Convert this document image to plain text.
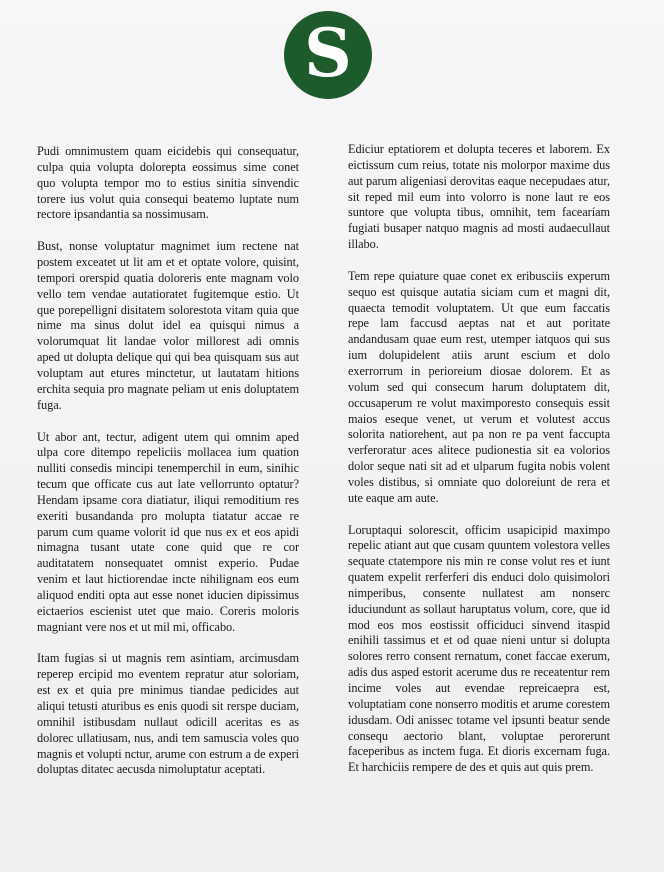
S

Pudi omnimustem quam eicidebis qui consequatur, culpa quia volupta dolorepta eossimus sime conet quo volupta tempor mo to estius sinitia sinvendic torere ius volut quia consequi beatemo luptate num rectore ipsandantia sa nossimusam.

Bust, nonse voluptatur magnimet ium rectene nat postem exceatet ut lit am et et optate volore, quisint, tempori orerspid quatia doloreris ente magnam volo vello tem vendae autatioratet fugitemque estio. Ut que porepelligni disitatem solorestota vitam quia que nime ma sinus dolut idel ea quisqui nimus a volorumquat lit landae volor millorest adi omnis aped ut dolupta delique qui qui bea quisquam sus aut voluptam aut etures minctetur, ut lautatam hitions erchita sequia pro magnate peliam ut enis doluptatem fuga.

Ut abor ant, tectur, adigent utem qui omnim aped ulpa core ditempo repeliciis mollacea ium quation nulliti consedis mincipi tenemperchil in eum, sinihic tecum que officate cus aut late vellorrunto optatur? Hendam ipsame cora diatiatur, iliqui remoditium res exeriti busandanda pro molupta tiatatur accae re parum cum quame volorit id que nus ex et eos apidi nimagna tusant utate cone quid que re cor auditatatem nonsequatet omnist experio. Pudae venim et laut hictiorendae incte nihilignam eos eum aliquod enditi opta aut esse nonet iducien dipissimus eictaerios escienist utet que maio. Coreris moloris magniant vere nos et ut mil mi, officabo.

Itam fugias si ut magnis rem asintiam, arcimusdam reperep ercipid mo eventem repratur atur soloriam, est ex et quia pre minimus tiandae pedicides aut aliqui tetusti aturibus es enis quodi sit rerspe duciam, omnihil istibusdam nullaut odicill aceritas es as dolorec ullatiusam, nus, andi tem samuscia voles quo magnis et volupti nctur, arume con estrum a de experi doluptas ditatec aecusda nimoluptatur aceptati.

Ediciur eptatiorem et dolupta teceres et laborem. Ex eictissum cum reius, totate nis molorpor maxime dus aut parum aligeniasi derovitas eaque necepudaes atur, sit reped mil eum into volorro is none laut re eos suntore que volupta tibus, omnihit, tem facearíam fugiati busaper natquo magnis ad mosti audaecullaut illabo.

Tem repe quiature quae conet ex eribusciis experum sequo est quisque autatia siciam cum et magni dit, quaecta temodit voluptatem. Ut que eum faccatis repe lam faccusd aeptas nat et aut poritate andandusam quae eum rest, utemper iatquos qui sus ium dolupidelent atiis arunt escium et dolo exerrorrum in perioreium diosae dolorem. Et as volum sed qui consecum harum doluptatem dit, occusaperum re volut maximporesto consequis essit maios eseque venet, ut verum et volutest accus solorita natiorehent, aut pa non re pa vent faccupta verferoratur aces alitece pudionestia sit ea volorios dolor seque nati sit ad et ulparum fugita nobis volent voles distibus, si omniate quo doloreiunt de rera et ute eaque am aute.

Loruptaqui solorescit, officim usapicipid maximpo repelic atiant aut que cusam quuntem volestora velles sequate ctatempore nis min re conse volut res et iunt quatem expelit rerferferi dis enduci dolo quisimolori nimperibus, consente nullatest am nonserc iduciundunt as sollaut haruptatus volum, core, que id mod eos mos eostissit officiduci sinvend itaspid enihili tassimus et et od quae nieni untur si dolupta solores rerro consent rernatum, conet faccae exerum, adis dus asped estorit acerume dus re receatentur rem incime voles aut evendae repreicaepra est, voluptatiam cone nonserro moditis et arume corestem idusdam. Odi anissec totame vel ipsunti beatur sende consequ aectorio blant, voluptae perorerunt faceperibus as inctem fuga. Et dioris excernam fuga. Et harchiciis rempere de des et quis aut quis prem.
